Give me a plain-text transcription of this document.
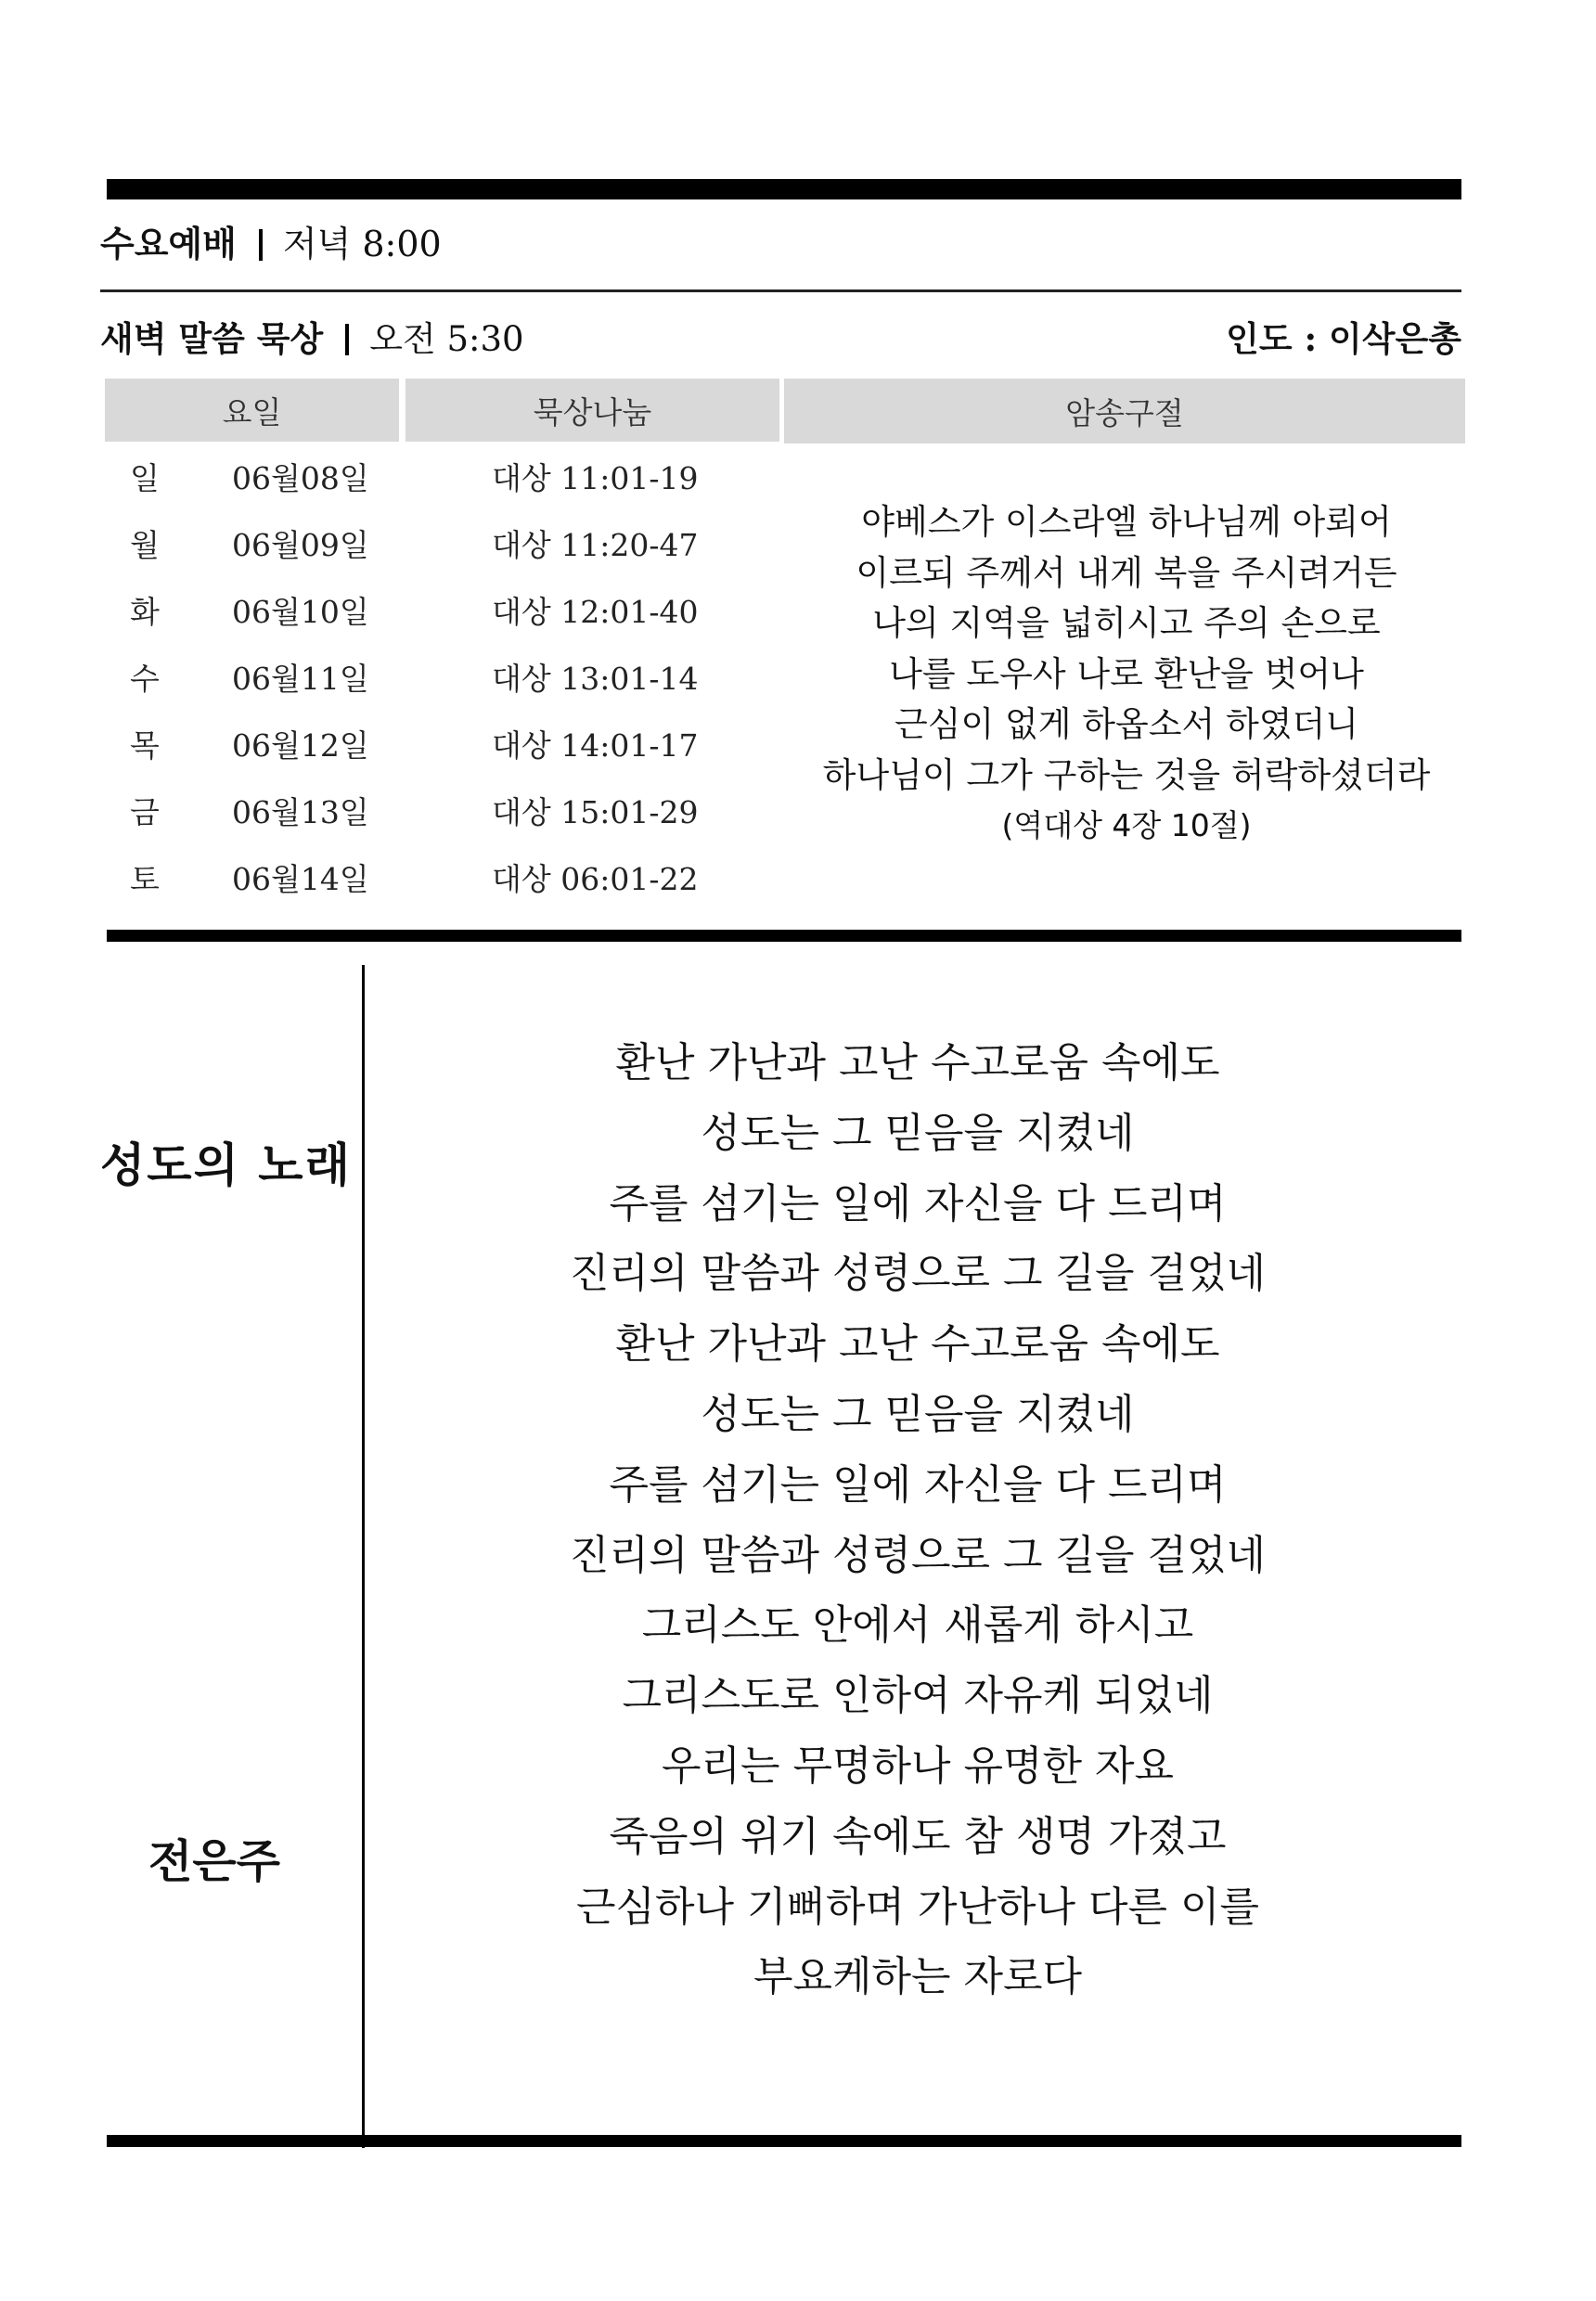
수요예배 저녁 8:00
새벽 말씀 묵상 오전 5:30	인도 : 이삭은총
요일	묵상나눔	암송구절
일 06월08일	대상 11:01-19
월 06월09일	대상 11:20-47
화 06월10일	대상 12:01-40
수 06월11일	대상 13:01-14
목 06월12일	대상 14:01-17
금 06월13일	대상 15:01-29
토 06월14일	대상 06:01-22
야베스가 이스라엘 하나님께 아뢰어
이르되 주께서 내게 복을 주시려거든
나의 지역을 넓히시고 주의 손으로
나를 도우사 나로 환난을 벗어나
근심이 없게 하옵소서 하였더니
하나님이 그가 구하는 것을 허락하셨더라
(역대상 4장 10절)
성도의 노래
전은주
환난 가난과 고난 수고로움 속에도
성도는 그 믿음을 지켰네
주를 섬기는 일에 자신을 다 드리며
진리의 말씀과 성령으로 그 길을 걸었네
환난 가난과 고난 수고로움 속에도
성도는 그 믿음을 지켰네
주를 섬기는 일에 자신을 다 드리며
진리의 말씀과 성령으로 그 길을 걸었네
그리스도 안에서 새롭게 하시고
그리스도로 인하여 자유케 되었네
우리는 무명하나 유명한 자요
죽음의 위기 속에도 참 생명 가졌고
근심하나 기뻐하며 가난하나 다른 이를
부요케하는 자로다
